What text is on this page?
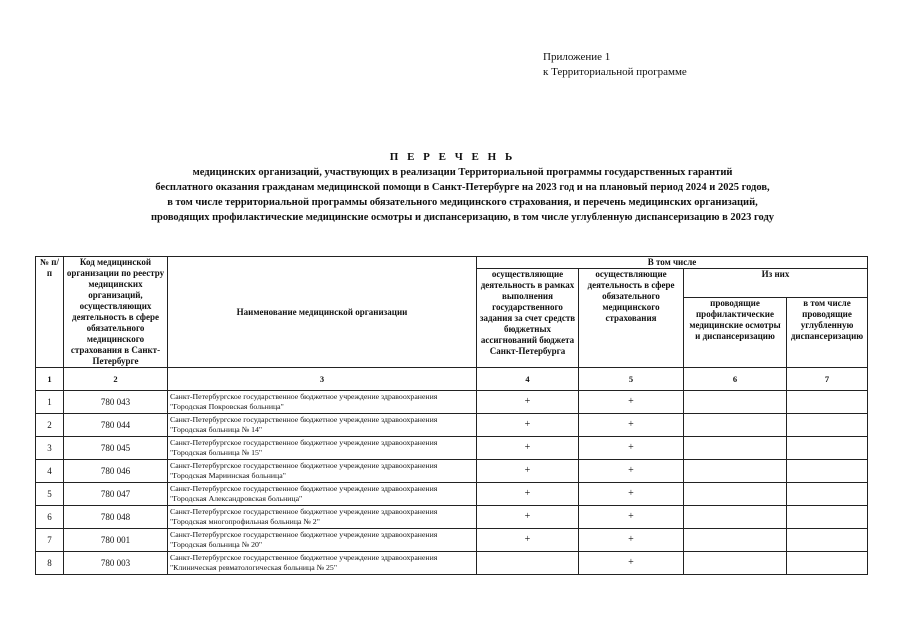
Приложение 1
к Территориальной программе
П Е Р Е Ч Е Н Ь
медицинских организаций, участвующих в реализации Территориальной программы государственных гарантий
бесплатного оказания гражданам медицинской помощи в Санкт-Петербурге на 2023 год и на плановый период 2024 и 2025 годов,
в том числе территориальной программы обязательного медицинского страхования, и перечень медицинских организаций,
проводящих профилактические медицинские осмотры и диспансеризацию, в том числе углубленную диспансеризацию в 2023 году
№ п/п	Код медицинской организации по реестру медицинских организаций, осуществляющих деятельность в сфере обязательного медицинского страхования в Санкт-Петербурге	Наименование медицинской организации	В том числе			
			осуществляющие деятельность в рамках выполнения государственного задания за счет средств бюджетных ассигнований бюджета Санкт-Петербурга	осуществляющие деятельность в сфере обязательного медицинского страхования	Из них	
					проводящие профилактические медицинские осмотры и диспансеризацию	в том числе проводящие углубленную диспансеризацию
1	2	3	4	5	6	7
1	780 043	Санкт-Петербургское государственное бюджетное учреждение здравоохранения "Городская Покровская больница"	+	+		
2	780 044	Санкт-Петербургское государственное бюджетное учреждение здравоохранения "Городская больница № 14"	+	+		
3	780 045	Санкт-Петербургское государственное бюджетное учреждение здравоохранения "Городская больница № 15"	+	+		
4	780 046	Санкт-Петербургское государственное бюджетное учреждение здравоохранения "Городская Мариинская больница"	+	+		
5	780 047	Санкт-Петербургское государственное бюджетное учреждение здравоохранения "Городская Александровская больница"	+	+		
6	780 048	Санкт-Петербургское государственное бюджетное учреждение здравоохранения "Городская многопрофильная больница № 2"	+	+		
7	780 001	Санкт-Петербургское государственное бюджетное учреждение здравоохранения "Городская больница № 20"	+	+		
8	780 003	Санкт-Петербургское государственное бюджетное учреждение здравоохранения "Клиническая ревматологическая больница № 25"		+		
